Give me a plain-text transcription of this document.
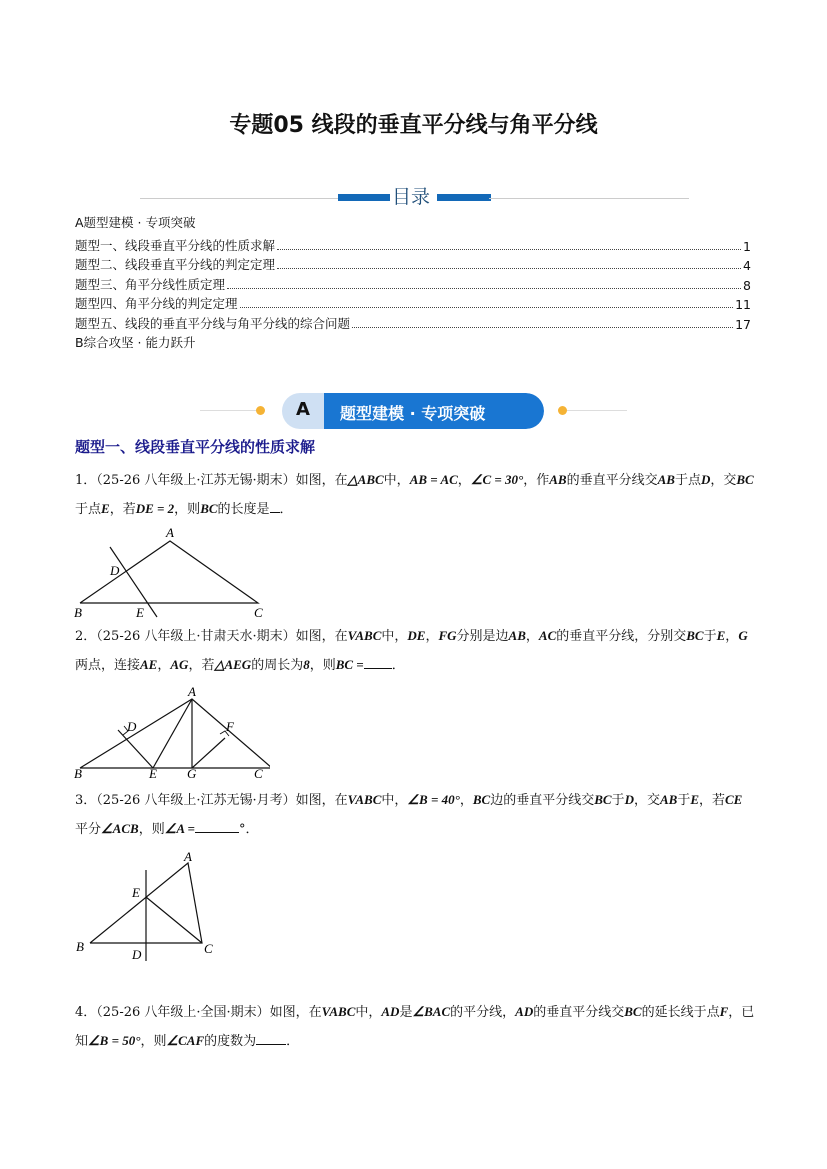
专题05 线段的垂直平分线与角平分线
目录
A题型建模 · 专项突破
题型一、线段垂直平分线的性质求解	1
题型二、线段垂直平分线的判定定理	4
题型三、角平分线性质定理	8
题型四、角平分线的判定定理	11
题型五、线段的垂直平分线与角平分线的综合问题	17
B综合攻坚 · 能力跃升
A 题型建模 · 专项突破
题型一、线段垂直平分线的性质求解
1．（25-26 八年级上·江苏无锡·期末）如图，在△ABC中，AB = AC，∠C = 30°，作AB的垂直平分线交AB于点D，交BC于点E，若DE = 2，则BC的长度是 ．
A
B	C
D
E
2．（25-26 八年级上·甘肃天水·期末）如图，在VABC中，DE，FG分别是边AB，AC的垂直平分线，分别交BC于E，G两点，连接AE，AG，若△AEG的周长为8，则BC = ．
A
B	C
D
E
F
G
3．（25-26 八年级上·江苏无锡·月考）如图，在VABC中，∠B = 40°，BC边的垂直平分线交BC于D，交AB于E，若CE平分∠ACB，则∠A =	°．
A
B	C
D
E
4．（25-26 八年级上·全国·期末）如图，在VABC中，AD是∠BAC的平分线，AD的垂直平分线交BC的延长线于点F，已知∠B = 50°，则∠CAF的度数为 ．
